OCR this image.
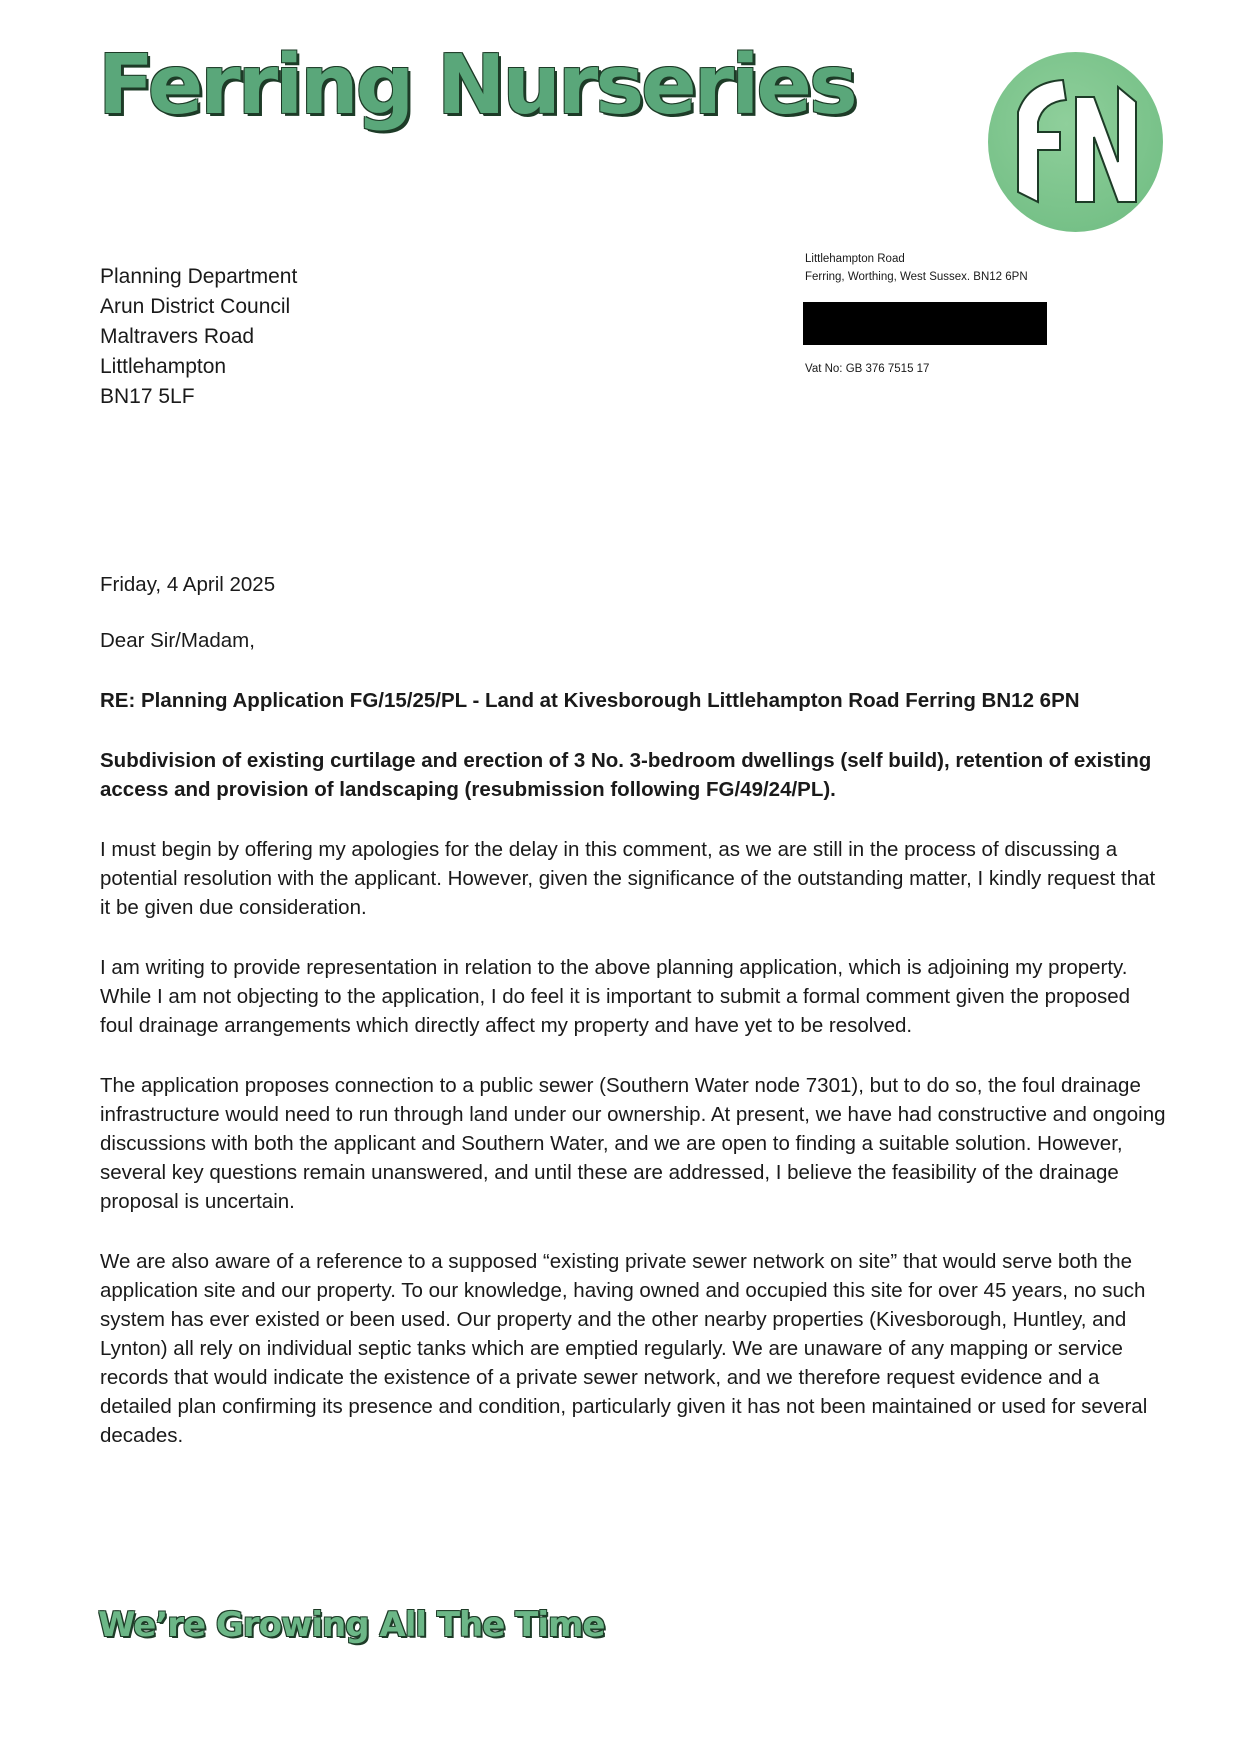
Ferring Nurseries
Planning Department
Arun District Council
Maltravers Road
Littlehampton
BN17 5LF
Littlehampton Road
Ferring, Worthing, West Sussex. BN12 6PN
Vat No: GB 376 7515 17

Friday, 4 April 2025

Dear Sir/Madam,

RE: Planning Application FG/15/25/PL - Land at Kivesborough Littlehampton Road Ferring BN12 6PN

Subdivision of existing curtilage and erection of 3 No. 3-bedroom dwellings (self build), retention of existing access and provision of landscaping (resubmission following FG/49/24/PL).

I must begin by offering my apologies for the delay in this comment, as we are still in the process of discussing a potential resolution with the applicant. However, given the significance of the outstanding matter, I kindly request that it be given due consideration.

I am writing to provide representation in relation to the above planning application, which is adjoining my property. While I am not objecting to the application, I do feel it is important to submit a formal comment given the proposed foul drainage arrangements which directly affect my property and have yet to be resolved.

The application proposes connection to a public sewer (Southern Water node 7301), but to do so, the foul drainage infrastructure would need to run through land under our ownership. At present, we have had constructive and ongoing discussions with both the applicant and Southern Water, and we are open to finding a suitable solution. However, several key questions remain unanswered, and until these are addressed, I believe the feasibility of the drainage proposal is uncertain.

We are also aware of a reference to a supposed “existing private sewer network on site” that would serve both the application site and our property. To our knowledge, having owned and occupied this site for over 45 years, no such system has ever existed or been used. Our property and the other nearby properties (Kivesborough, Huntley, and Lynton) all rely on individual septic tanks which are emptied regularly. We are unaware of any mapping or service records that would indicate the existence of a private sewer network, and we therefore request evidence and a detailed plan confirming its presence and condition, particularly given it has not been maintained or used for several decades.

We’re Growing All The Time
